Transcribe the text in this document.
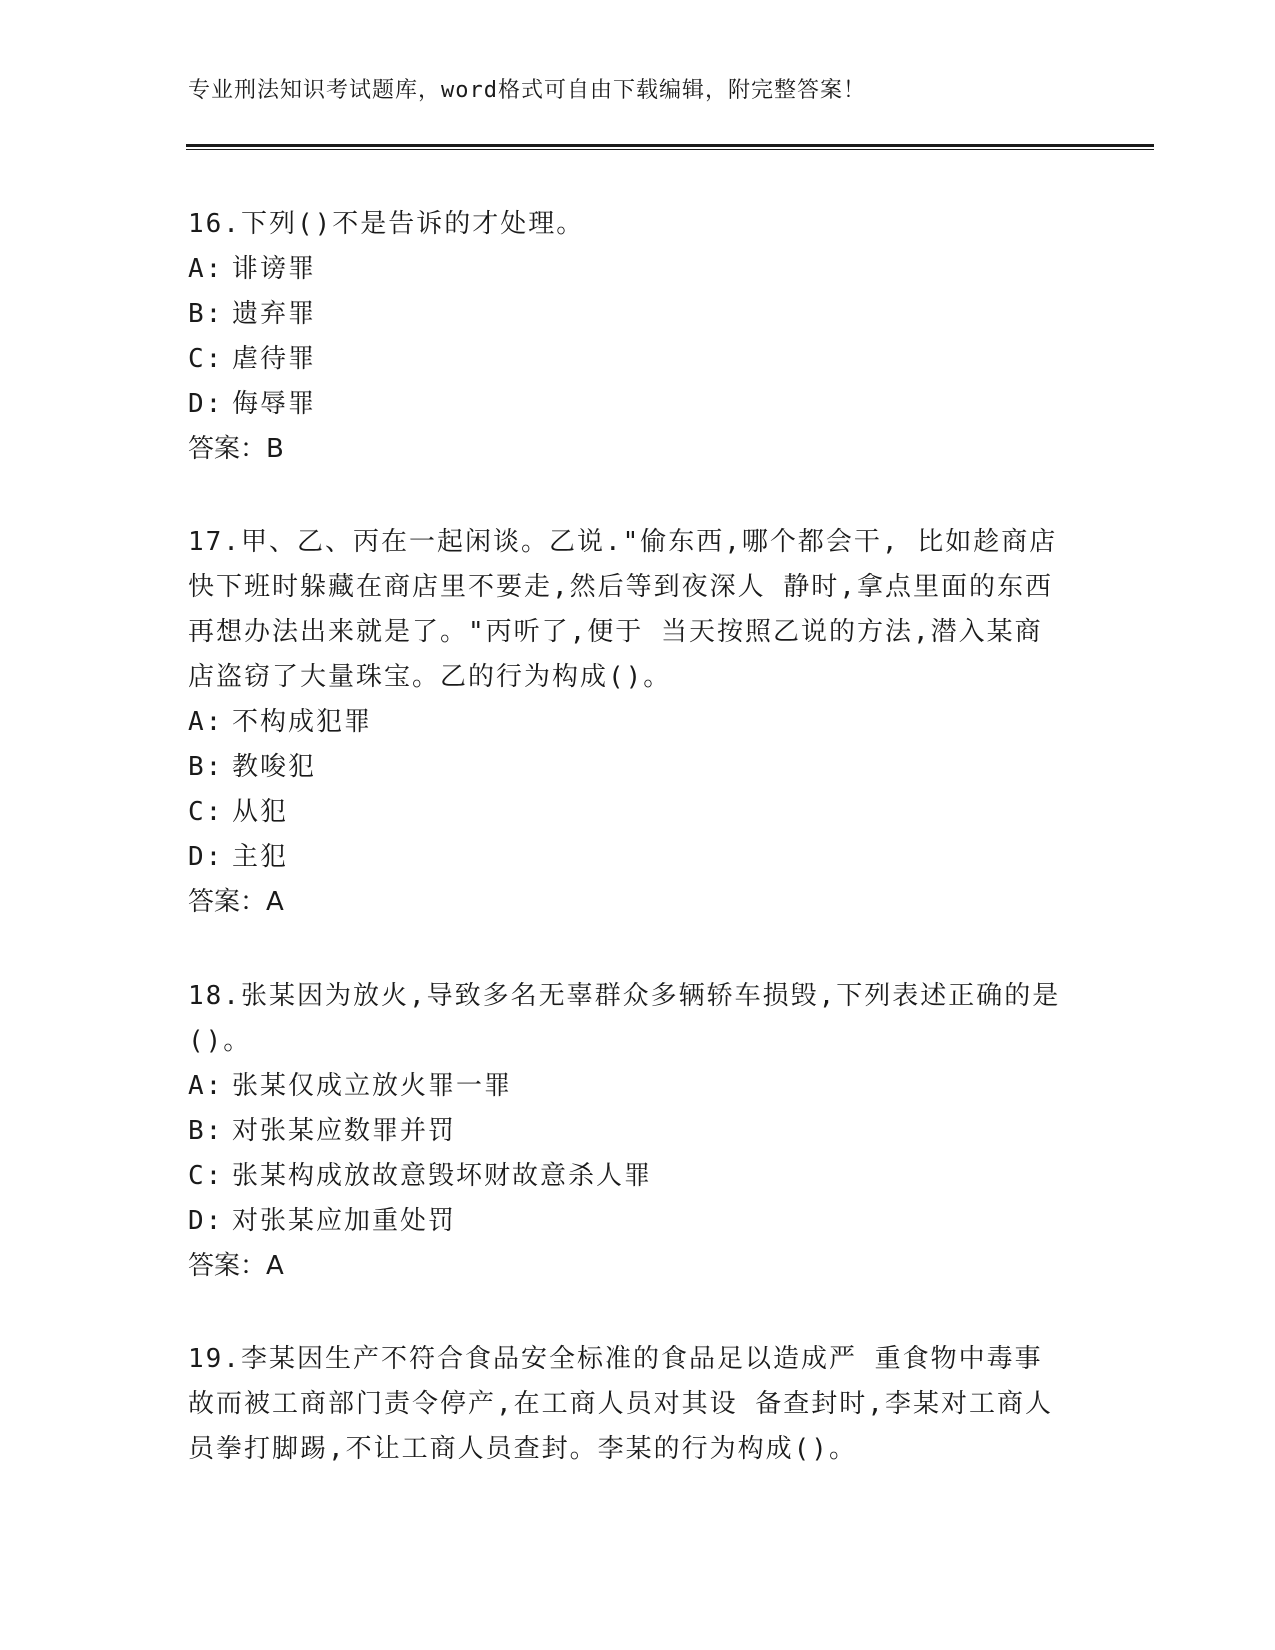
专业刑法知识考试题库，word格式可自由下载编辑，附完整答案！

16.下列()不是告诉的才处理。

A: 诽谤罪

B: 遗弃罪

C: 虐待罪

D: 侮辱罪

答案：B

17.甲、乙、丙在一起闲谈。乙说."偷东西,哪个都会干, 比如趁商店

快下班时躲藏在商店里不要走,然后等到夜深人 静时,拿点里面的东西

再想办法出来就是了。"丙听了,便于 当天按照乙说的方法,潜入某商

店盗窃了大量珠宝。乙的行为构成()。

A: 不构成犯罪

B: 教唆犯

C: 从犯

D: 主犯

答案：A

18.张某因为放火,导致多名无辜群众多辆轿车损毁,下列表述正确的是

()。

A: 张某仅成立放火罪一罪

B: 对张某应数罪并罚

C: 张某构成放故意毁坏财故意杀人罪

D: 对张某应加重处罚

答案：A

19.李某因生产不符合食品安全标准的食品足以造成严 重食物中毒事

故而被工商部门责令停产,在工商人员对其设 备查封时,李某对工商人

员拳打脚踢,不让工商人员查封。李某的行为构成()。
